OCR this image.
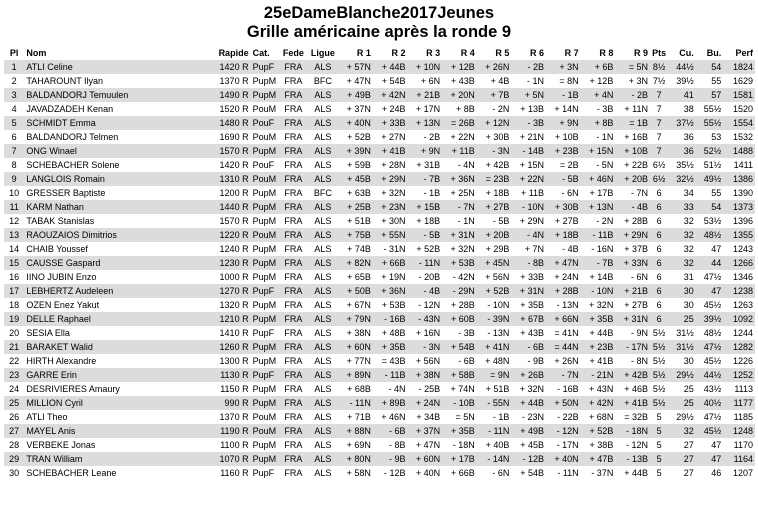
25eDameBlanche2017Jeunes
Grille américaine après la ronde 9
Pl	Nom	Rapide	Cat.	Fede	Ligue	R 1	R 2	R 3	R 4	R 5	R 6	R 7	R 8	R 9	Pts	Cu.	Bu.	Perf
1	ATLI Celine	1420 R	PupF	FRA	ALS	+ 57N	+ 44B	+ 10N	+ 12B	+ 26N	- 2B	+ 3N	+ 6B	= 5N	8½	44½	54	1824
2	TAHAROUNT Ilyan	1370 R	PupM	FRA	BFC	+ 47N	+ 54B	+ 6N	+ 43B	+ 4B	- 1N	= 8N	+ 12B	+ 3N	7½	39½	55	1629
3	BALDANDORJ Temuulen	1490 R	PupM	FRA	ALS	+ 49B	+ 42N	+ 21B	+ 20N	+ 7B	+ 5N	- 1B	+ 4N	- 2B	7	41	57	1581
4	JAVADZADEH Kenan	1520 R	PouM	FRA	ALS	+ 37N	+ 24B	+ 17N	+ 8B	- 2N	+ 13B	+ 14N	- 3B	+ 11N	7	38	55½	1520
5	SCHMIDT Emma	1480 R	PouF	FRA	ALS	+ 40N	+ 33B	+ 13N	= 26B	+ 12N	- 3B	+ 9N	+ 8B	= 1B	7	37½	55½	1554
6	BALDANDORJ Telmen	1690 R	PouM	FRA	ALS	+ 52B	+ 27N	- 2B	+ 22N	+ 30B	+ 21N	+ 10B	- 1N	+ 16B	7	36	53	1532
7	ONG Winael	1570 R	PupM	FRA	ALS	+ 39N	+ 41B	+ 9N	+ 11B	- 3N	- 14B	+ 23B	+ 15N	+ 10B	7	36	52½	1488
8	SCHEBACHER Solene	1420 R	PouF	FRA	ALS	+ 59B	+ 28N	+ 31B	- 4N	+ 42B	+ 15N	= 2B	- 5N	+ 22B	6½	35½	51½	1411
9	LANGLOIS Romain	1310 R	PouM	FRA	ALS	+ 45B	+ 29N	- 7B	+ 36N	= 23B	+ 22N	- 5B	+ 46N	+ 20B	6½	32½	49½	1386
10	GRESSER Baptiste	1200 R	PupM	FRA	BFC	+ 63B	+ 32N	- 1B	+ 25N	+ 18B	+ 11B	- 6N	+ 17B	- 7N	6	34	55	1390
11	KARM Nathan	1440 R	PupM	FRA	ALS	+ 25B	+ 23N	+ 15B	- 7N	+ 27B	- 10N	+ 30B	+ 13N	- 4B	6	33	54	1373
12	TABAK Stanislas	1570 R	PupM	FRA	ALS	+ 51B	+ 30N	+ 18B	- 1N	- 5B	+ 29N	+ 27B	- 2N	+ 28B	6	32	53½	1396
13	RAOUZAIOS Dimitrios	1220 R	PouM	FRA	ALS	+ 75B	+ 55N	- 5B	+ 31N	+ 20B	- 4N	+ 18B	- 11B	+ 29N	6	32	48½	1355
14	CHAIB Youssef	1240 R	PupM	FRA	ALS	+ 74B	- 31N	+ 52B	+ 32N	+ 29B	+ 7N	- 4B	- 16N	+ 37B	6	32	47	1243
15	CAUSSE Gaspard	1230 R	PupM	FRA	ALS	+ 82N	+ 66B	- 11N	+ 53B	+ 45N	- 8B	+ 47N	- 7B	+ 33N	6	32	44	1266
16	IINO JUBIN Enzo	1000 R	PupM	FRA	ALS	+ 65B	+ 19N	- 20B	- 42N	+ 56N	+ 33B	+ 24N	+ 14B	- 6N	6	31	47½	1346
17	LEBHERTZ Audeleen	1270 R	PupF	FRA	ALS	+ 50B	+ 36N	- 4B	- 29N	+ 52B	+ 31N	+ 28B	- 10N	+ 21B	6	30	47	1238
18	OZEN Enez Yakut	1320 R	PupM	FRA	ALS	+ 67N	+ 53B	- 12N	+ 28B	- 10N	+ 35B	- 13N	+ 32N	+ 27B	6	30	45½	1263
19	DELLE Raphael	1210 R	PupM	FRA	ALS	+ 79N	- 16B	- 43N	+ 60B	- 39N	+ 67B	+ 66N	+ 35B	+ 31N	6	25	39½	1092
20	SESIA Ella	1410 R	PupF	FRA	ALS	+ 38N	+ 48B	+ 16N	- 3B	- 13N	+ 43B	= 41N	+ 44B	- 9N	5½	31½	48½	1244
21	BARAKET Walid	1260 R	PupM	FRA	ALS	+ 60N	+ 35B	- 3N	+ 54B	+ 41N	- 6B	= 44N	+ 23B	- 17N	5½	31½	47½	1282
22	HIRTH Alexandre	1300 R	PupM	FRA	ALS	+ 77N	= 43B	+ 56N	- 6B	+ 48N	- 9B	+ 26N	+ 41B	- 8N	5½	30	45½	1226
23	GARRE Erin	1130 R	PupF	FRA	ALS	+ 89N	- 11B	+ 38N	+ 58B	= 9N	+ 26B	- 7N	- 21N	+ 42B	5½	29½	44½	1252
24	DESRIVIERES Amaury	1150 R	PupM	FRA	ALS	+ 68B	- 4N	- 25B	+ 74N	+ 51B	+ 32N	- 16B	+ 43N	+ 46B	5½	25	43½	1113
25	MILLION Cyril	990 R	PupM	FRA	ALS	- 11N	+ 89B	+ 24N	- 10B	- 55N	+ 44B	+ 50N	+ 42N	+ 41B	5½	25	40½	1177
26	ATLI Theo	1370 R	PouM	FRA	ALS	+ 71B	+ 46N	+ 34B	= 5N	- 1B	- 23N	- 22B	+ 68N	= 32B	5	29½	47½	1185
27	MAYEL Anis	1190 R	PouM	FRA	ALS	+ 88N	- 6B	+ 37N	+ 35B	- 11N	+ 49B	- 12N	+ 52B	- 18N	5	32	45½	1248
28	VERBEKE Jonas	1100 R	PupM	FRA	ALS	+ 69N	- 8B	+ 47N	- 18N	+ 40B	+ 45B	- 17N	+ 38B	- 12N	5	27	47	1170
29	TRAN William	1070 R	PupM	FRA	ALS	+ 80N	- 9B	+ 60N	+ 17B	- 14N	- 12B	+ 40N	+ 47B	- 13B	5	27	47	1164
30	SCHEBACHER Leane	1160 R	PupF	FRA	ALS	+ 58N	- 12B	+ 40N	+ 66B	- 6N	+ 54B	- 11N	- 37N	+ 44B	5	27	46	1207
